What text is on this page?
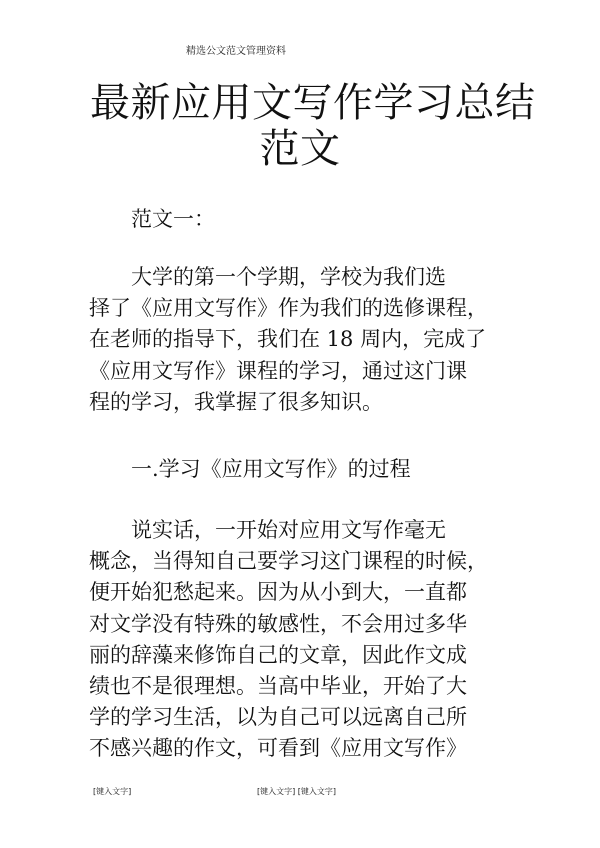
精选公文范文管理资料
最新应用文写作学习总结
范文
　　范文一：
　　大学的第一个学期，学校为我们选
择了《应用文写作》作为我们的选修课程，
在老师的指导下，我们在 18 周内，完成了
《应用文写作》课程的学习，通过这门课
程的学习，我掌握了很多知识。
　　一.学习《应用文写作》的过程
　　说实话，一开始对应用文写作毫无
概念，当得知自己要学习这门课程的时候，
便开始犯愁起来。因为从小到大，一直都
对文学没有特殊的敏感性，不会用过多华
丽的辞藻来修饰自己的文章，因此作文成
绩也不是很理想。当高中毕业，开始了大
学的学习生活，以为自己可以远离自己所
不感兴趣的作文，可看到《应用文写作》
[键入文字]	[键入文字] [键入文字]
